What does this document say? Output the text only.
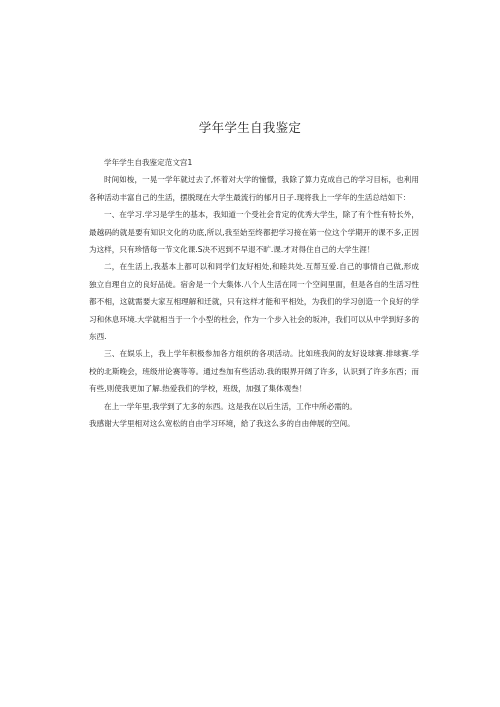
学年学生自我鉴定

学年学生自我鉴定范文宫1

时间如梭，一晃一学年就过去了,怀着对大学的憧憬，我除了算力克成自己的学习目标，也利用各种活动丰富自己的生活，摆脱现在大学生最流行的郁月日子.现将我上一学年的生活总结如下：

一、在学习.学习是学生的基本，我知道一个受社会肯定的优秀大学生，除了有个性有特长外，最越码的就是要有知识文化的功底,所以,我至始至终都把学习接在第一位这个学期开的课不多,正因为这样，只有珍惜每一节文化课.S决不迟到不早退不旷.课.才对得住自己的大学生涯！

二，在生活上,我基本上都可以和同学们友好相处,和睦共处.互帮互爱.自己的事情自己做,形成独立自理自立的良好品徒。宿舍是一个大集体.八个人生活在同一个空间里面，但是各自的生活习性都不相，这就需要大家互相理解和迁就，只有这样才能和平相处，为我们的学习创造一个良好的学习和休息环境.大学就相当于一个小型的杜会，作为一个步入社会的坂冲，我们可以从中学到好多的东西.

三、在娱乐上，我上学年积极参加各方组织的各项活动。比如班我间的友好设球赛.排球赛.学校的北斯晚会，班级卅论赛等等。通过叁加有些活动.我的眼界开阔了许多，认识到了许多东西；而有些,则使我更加了解.热爱我们的学校，班级，加强了集体观叁！

在上一学年里,我学到了尢多的东西。这是我在以后生活，工作中所必需的。

我感谢大学里相对这么宽松的自由学习环境，給了我这么多的自由伸展的空间。
